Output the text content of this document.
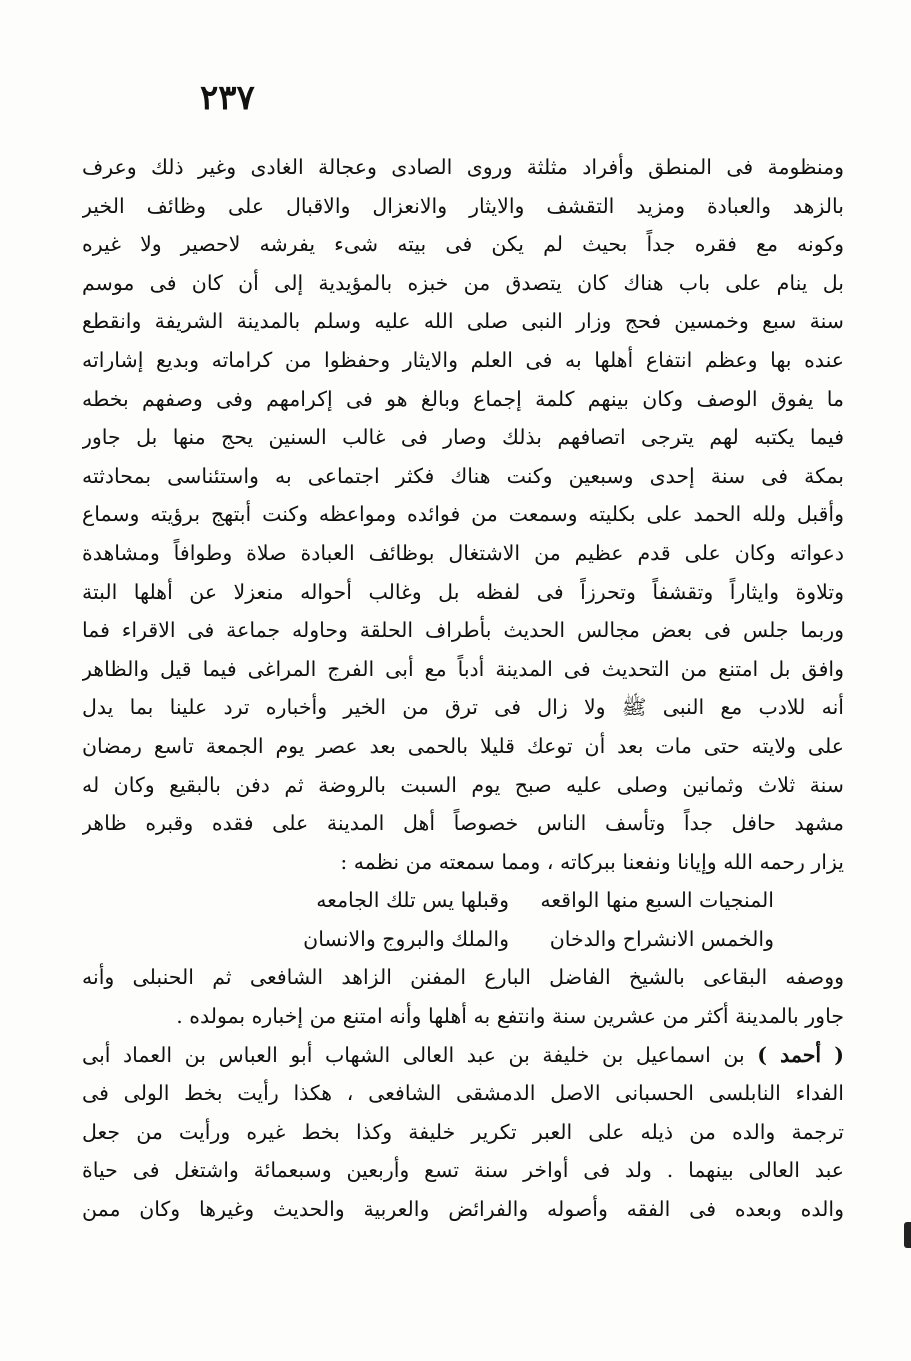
٢٣٧
ومنظومة فى المنطق وأفراد مثلثة وروى الصادى وعجالة الغادى وغير ذلك وعرف
بالزهد والعبادة ومزيد التقشف والايثار والانعزال والاقبال على وظائف الخير
وكونه مع فقره جداً بحيث لم يكن فى بيته شىء يفرشه لاحصير ولا غيره
بل ينام على باب هناك كان يتصدق من خبزه بالمؤيدية إلى أن كان فى موسم
سنة سبع وخمسين فحج وزار النبى صلى الله عليه وسلم بالمدينة الشريفة وانقطع
عنده بها وعظم انتفاع أهلها به فى العلم والايثار وحفظوا من كراماته وبديع إشاراته
ما يفوق الوصف وكان بينهم كلمة إجماع وبالغ هو فى إكرامهم وفى وصفهم بخطه
فيما يكتبه لهم يترجى اتصافهم بذلك وصار فى غالب السنين يحج منها بل جاور
بمكة فى سنة إحدى وسبعين وكنت هناك فكثر اجتماعى به واستئناسى بمحادثته
وأقبل ولله الحمد على بكليته وسمعت من فوائده ومواعظه وكنت أبتهج برؤيته وسماع
دعواته وكان على قدم عظيم من الاشتغال بوظائف العبادة صلاة وطوافاً ومشاهدة
وتلاوة وايثاراً وتقشفاً وتحرزاً فى لفظه بل وغالب أحواله منعزلا عن أهلها البتة
وربما جلس فى بعض مجالس الحديث بأطراف الحلقة وحاوله جماعة فى الاقراء فما
وافق بل امتنع من التحديث فى المدينة أدباً مع أبى الفرج المراغى فيما قيل والظاهر
أنه للادب مع النبى ﷺ ولا زال فى ترق من الخير وأخباره ترد علينا بما يدل
على ولايته حتى مات بعد أن توعك قليلا بالحمى بعد عصر يوم الجمعة تاسع رمضان
سنة ثلاث وثمانين وصلى عليه صبح يوم السبت بالروضة ثم دفن بالبقيع وكان له
مشهد حافل جداً وتأسف الناس خصوصاً أهل المدينة على فقده وقبره ظاهر
يزار رحمه الله وإيانا ونفعنا ببركاته ، ومما سمعته من نظمه :
المنجيات السبع منها الواقعه
وقبلها يس تلك الجامعه
والخمس الانشراح والدخان
والملك والبروج والانسان
ووصفه البقاعى بالشيخ الفاضل البارع المفنن الزاهد الشافعى ثم الحنبلى وأنه
جاور بالمدينة أكثر من عشرين سنة وانتفع به أهلها وأنه امتنع من إخباره بمولده .
( أحمد ) بن اسماعيل بن خليفة بن عبد العالى الشهاب أبو العباس بن العماد أبى
الفداء النابلسى الحسبانى الاصل الدمشقى الشافعى ، هكذا رأيت بخط الولى فى
ترجمة والده من ذيله على العبر تكرير خليفة وكذا بخط غيره ورأيت من جعل
عبد العالى بينهما . ولد فى أواخر سنة تسع وأربعين وسبعمائة واشتغل فى حياة
والده وبعده فى الفقه وأصوله والفرائض والعربية والحديث وغيرها وكان ممن
